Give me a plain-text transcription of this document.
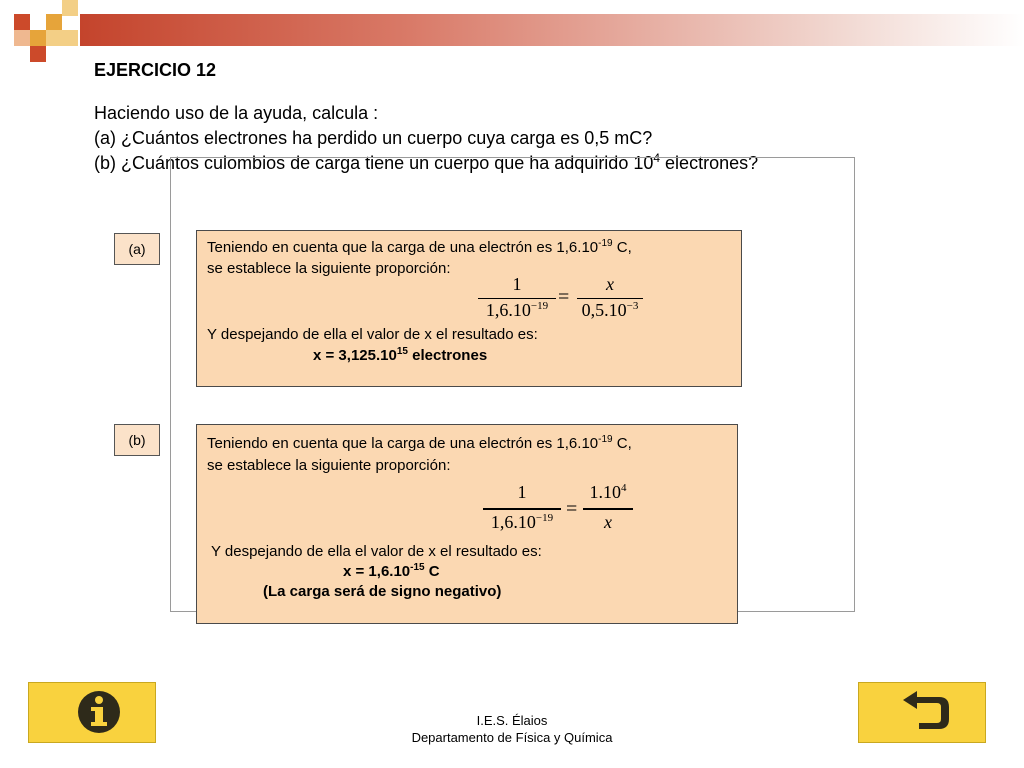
EJERCICIO 12
Haciendo uso de la ayuda, calcula :
(a) ¿Cuántos electrones ha perdido un cuerpo cuya carga es 0,5 mC?
(b) ¿Cuántos culombios de carga tiene un cuerpo que ha adquirido $10^4$ electrones?
(a)	Teniendo en cuenta que la carga de una electrón es $1,6.10^{-19}$ C,
se establece la siguiente proporción:
1
$1,6.10^{-19}$ =
x
$0,5.10^{-3}$
Y despejando de ella el valor de x el resultado es:
$x = 3,125.10^{15}$ electrones
(b)	Teniendo en cuenta que la carga de una electrón es $1,6.10^{-19}$ C,
se establece la siguiente proporción:
1
$1,6.10^{-19}$ =
$1.10^4$
x
Y despejando de ella el valor de x el resultado es:
$x = 1,6.10^{-15}$ C
(La carga será de signo negativo)
I.E.S. Élaios
Departamento de Física y Química
